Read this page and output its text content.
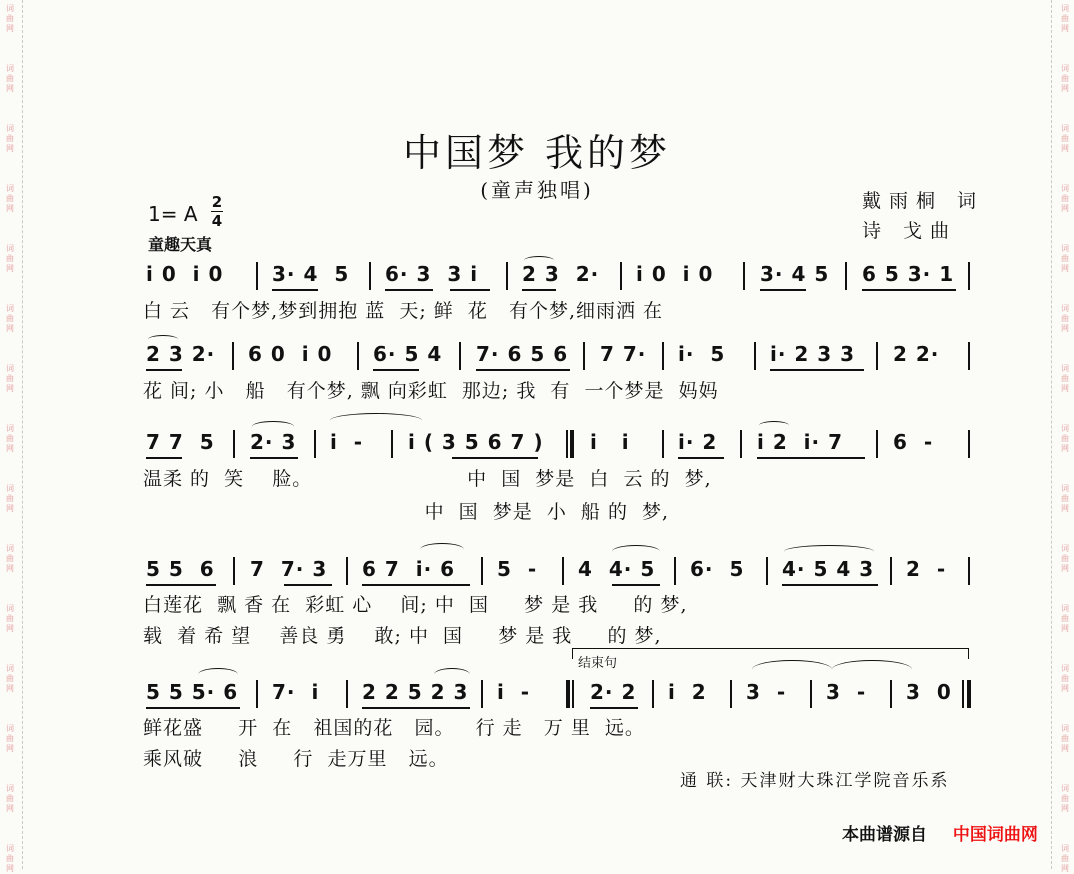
词
曲
网
词
曲
网
词
曲
网
词
曲
网
词
曲
网
词
曲
网
词
曲
网
词
曲
网
词
曲
网
词
曲
网
词
曲
网
词
曲
网
词
曲
网
词
曲
网
词
曲
网
词
曲
网
词
曲
网
词
曲
网
词
曲
网
词
曲
网
词
曲
网
词
曲
网
词
曲
网
词
曲
网
词
曲
网
词
曲
网
词
曲
网
词
曲
网
词
曲
网
词
曲
网
中国梦 我的梦
(童声独唱)	戴雨桐 词
诗 戈曲
1= A 2
4
童趣天真
i 0  i 0 3· 4  5 6· 3  3 i 2 3  2· i 0  i 0 3· 4 5 6 5 3· 1
白 云   有个梦,梦到拥抱 蓝  天; 鲜  花   有个梦,细雨洒 在
2 3 2· 6 0  i 0 6· 5 4 7· 6 5 6 7 7· i·  5 i· 2 3 3 2 2·
花 间; 小   船   有个梦, 飘 向彩虹  那边; 我  有  一个梦是  妈妈
7 7  5 2· 3 i  - i ( 3 5 6 7 ) i   i i· 2 i 2  i· 7	6  -
温柔 的  笑    脸。                      中  国  梦是  白  云 的  梦,
中  国  梦是  小  船 的  梦,
5 5  6 7  7· 3 6 7  i· 6 5  - 4  4· 5 6·  5 4· 5 4 3 2  -
白莲花  飘 香 在  彩虹 心    间; 中  国     梦 是 我     的 梦,
载  着 希 望    善良 勇    敢; 中  国     梦 是 我     的 梦,
结束句
5 5 5· 6 7·  i 2 2 5 2 3 i  -	2· 2 i  2 3  - 3  - 3  0
鲜花盛     开  在   祖国的花   园。   行 走   万 里  远。
乘风破     浪     行  走万里   远。
通 联: 天津财大珠江学院音乐系
本曲谱源自 中国词曲网
